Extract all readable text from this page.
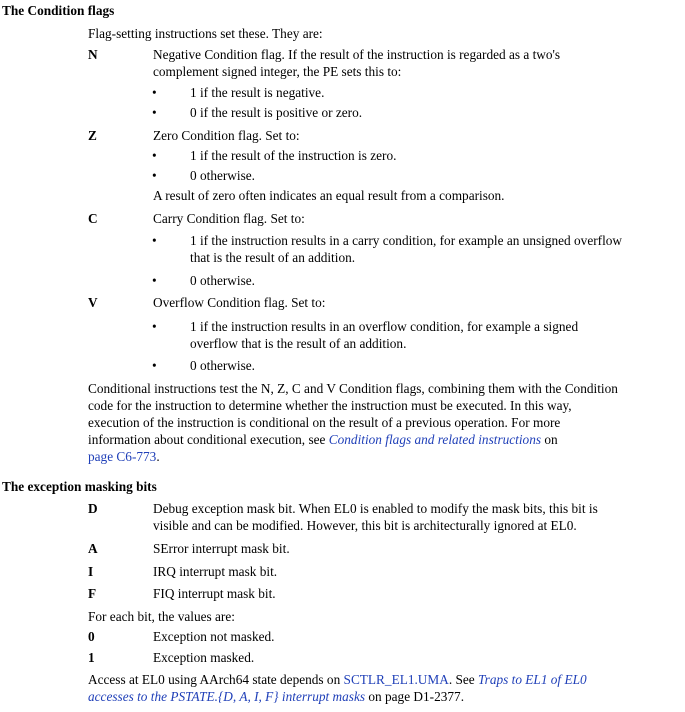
The Condition flags
Flag-setting instructions set these. They are:
N	Negative Condition flag. If the result of the instruction is regarded as a two's
complement signed integer, the PE sets this to:
•	1 if the result is negative.
•	0 if the result is positive or zero.
Z	Zero Condition flag. Set to:
•	1 if the result of the instruction is zero.
•	0 otherwise.
A result of zero often indicates an equal result from a comparison.
C	Carry Condition flag. Set to:
•	1 if the instruction results in a carry condition, for example an unsigned overflow
that is the result of an addition.
•	0 otherwise.
V	Overflow Condition flag. Set to:
•	1 if the instruction results in an overflow condition, for example a signed
overflow that is the result of an addition.
•	0 otherwise.
Conditional instructions test the N, Z, C and V Condition flags, combining them with the Condition
code for the instruction to determine whether the instruction must be executed. In this way,
execution of the instruction is conditional on the result of a previous operation. For more
information about conditional execution, see Condition flags and related instructions on
page C6-773.
The exception masking bits
D	Debug exception mask bit. When EL0 is enabled to modify the mask bits, this bit is
visible and can be modified. However, this bit is architecturally ignored at EL0.
A	SError interrupt mask bit.
I	IRQ interrupt mask bit.
F	FIQ interrupt mask bit.
For each bit, the values are:
0	Exception not masked.
1	Exception masked.
Access at EL0 using AArch64 state depends on SCTLR_EL1.UMA. See Traps to EL1 of EL0
accesses to the PSTATE.{D, A, I, F} interrupt masks on page D1-2377.
